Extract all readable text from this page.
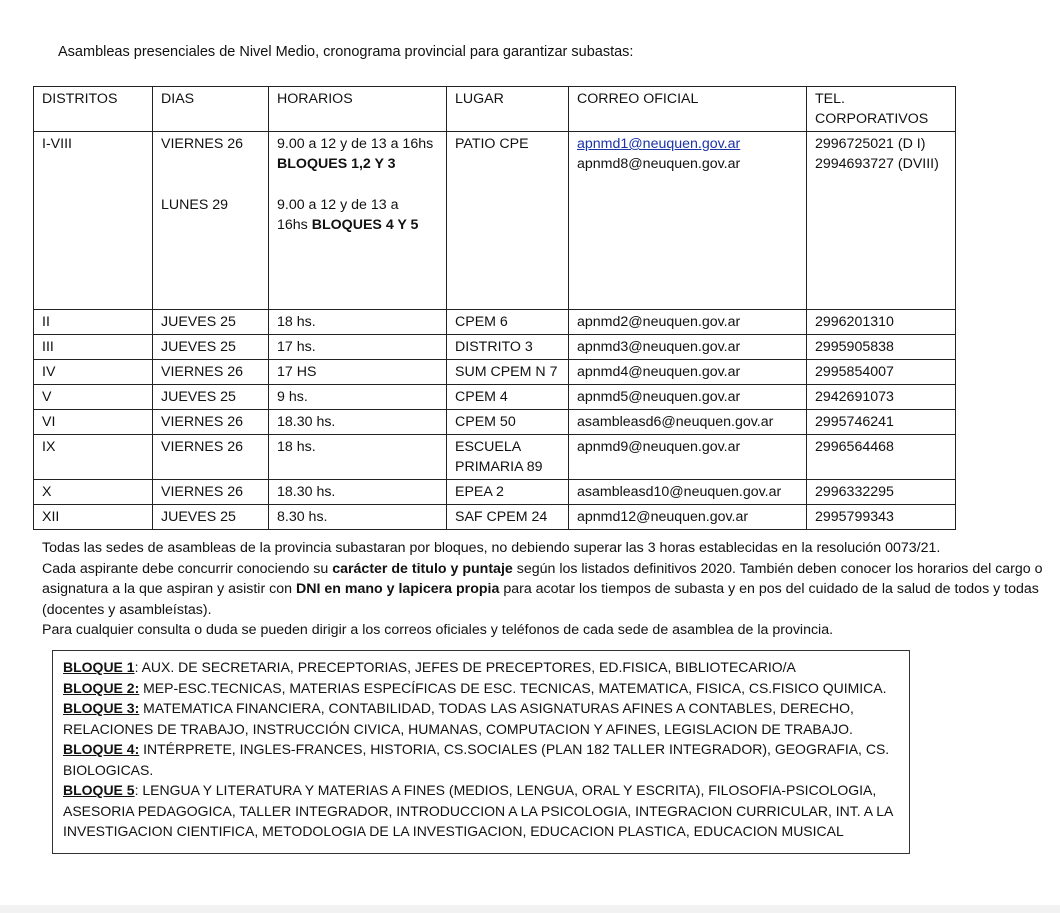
Asambleas presenciales de Nivel Medio, cronograma provincial para garantizar subastas:
DISTRITOS	DIAS	HORARIOS	LUGAR	CORREO OFICIAL	TEL.
CORPORATIVOS
I-VIII	VIERNES 26
LUNES 29

9.00 a 12 y de 13 a 16hs
BLOQUES 1,2 Y 3
9.00 a 12 y de 13 a
16hs BLOQUES 4 Y 5
	PATIO CPE	apnmd1@neuquen.gov.ar
apnmd8@neuquen.gov.ar

2996725021 (D I)
2994693727 (DVIII)

II	JUEVES 25	18 hs.	CPEM 6	apnmd2@neuquen.gov.ar	2996201310
III	JUEVES 25	17 hs.	DISTRITO 3	apnmd3@neuquen.gov.ar	2995905838
IV	VIERNES 26	17 HS	SUM CPEM N 7	apnmd4@neuquen.gov.ar	2995854007
V	JUEVES 25	9 hs.	CPEM 4	apnmd5@neuquen.gov.ar	2942691073
VI	VIERNES 26	18.30 hs.	CPEM 50	asambleasd6@neuquen.gov.ar	2995746241
IX	VIERNES 26	18 hs.	ESCUELA
PRIMARIA 89
	apnmd9@neuquen.gov.ar	2996564468
X	VIERNES 26	18.30 hs.	EPEA 2	asambleasd10@neuquen.gov.ar	2996332295
XII	JUEVES 25	8.30 hs.	SAF CPEM 24	apnmd12@neuquen.gov.ar	2995799343

Todas las sedes de asambleas de la provincia subastaran por bloques, no debiendo superar las 3 horas establecidas en la resolución 0073/21.

Cada aspirante debe concurrir conociendo su carácter de titulo y puntaje según los listados definitivos 2020. También deben conocer los horarios del cargo o asignatura a la que aspiran y asistir con DNI en mano y lapicera propia para acotar los tiempos de subasta y en pos del cuidado de la salud de todos y todas (docentes y asambleístas).

Para cualquier consulta o duda se pueden dirigir a los correos oficiales y teléfonos de cada sede de asamblea de la provincia.

BLOQUE 1: AUX. DE SECRETARIA, PRECEPTORIAS, JEFES DE PRECEPTORES, ED.FISICA, BIBLIOTECARIO/A

BLOQUE 2: MEP-ESC.TECNICAS, MATERIAS ESPECÍFICAS DE ESC. TECNICAS, MATEMATICA, FISICA, CS.FISICO QUIMICA.

BLOQUE 3: MATEMATICA FINANCIERA, CONTABILIDAD, TODAS LAS ASIGNATURAS AFINES A CONTABLES, DERECHO, RELACIONES DE TRABAJO, INSTRUCCIÓN CIVICA, HUMANAS, COMPUTACION Y AFINES, LEGISLACION DE TRABAJO.

BLOQUE 4: INTÉRPRETE, INGLES-FRANCES, HISTORIA, CS.SOCIALES (PLAN 182 TALLER INTEGRADOR), GEOGRAFIA, CS. BIOLOGICAS.

BLOQUE 5: LENGUA Y LITERATURA Y MATERIAS A FINES (MEDIOS, LENGUA, ORAL Y ESCRITA), FILOSOFIA-PSICOLOGIA, ASESORIA PEDAGOGICA, TALLER INTEGRADOR, INTRODUCCION A LA PSICOLOGIA, INTEGRACION CURRICULAR, INT. A LA INVESTIGACION CIENTIFICA, METODOLOGIA DE LA INVESTIGACION, EDUCACION PLASTICA, EDUCACION MUSICAL
